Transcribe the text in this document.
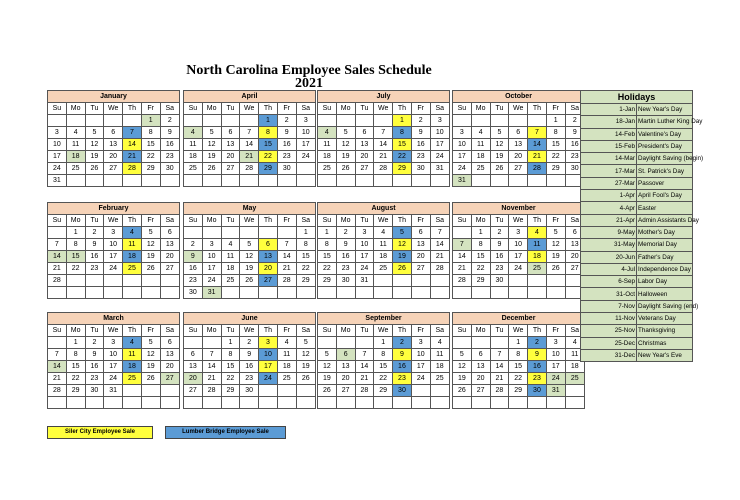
North Carolina Employee Sales Schedule
2021
January						
Su	Mo	Tu	We	Th	Fr	Sa
					1	2
3	4	5	6	7	8	9
10	11	12	13	14	15	16
17	18	19	20	21	22	23
24	25	26	27	28	29	30
31						
April						
Su	Mo	Tu	We	Th	Fr	Sa
				1	2	3
4	5	6	7	8	9	10
11	12	13	14	15	16	17
18	19	20	21	22	23	24
25	26	27	28	29	30	

July						
Su	Mo	Tu	We	Th	Fr	Sa
				1	2	3
4	5	6	7	8	9	10
11	12	13	14	15	16	17
18	19	20	21	22	23	24
25	26	27	28	29	30	31

October						
Su	Mo	Tu	We	Th	Fr	Sa
					1	2
3	4	5	6	7	8	9
10	11	12	13	14	15	16
17	18	19	20	21	22	23
24	25	26	27	28	29	30
31						
February						
Su	Mo	Tu	We	Th	Fr	Sa
	1	2	3	4	5	6
7	8	9	10	11	12	13
14	15	16	17	18	19	20
21	22	23	24	25	26	27
28						

May						
Su	Mo	Tu	We	Th	Fr	Sa
						1
2	3	4	5	6	7	8
9	10	11	12	13	14	15
16	17	18	19	20	21	22
23	24	25	26	27	28	29
30	31					
August						
Su	Mo	Tu	We	Th	Fr	Sa
1	2	3	4	5	6	7
8	9	10	11	12	13	14
15	16	17	18	19	20	21
22	23	24	25	26	27	28
29	30	31				

November						
Su	Mo	Tu	We	Th	Fr	Sa
	1	2	3	4	5	6
7	8	9	10	11	12	13
14	15	16	17	18	19	20
21	22	23	24	25	26	27
28	29	30				

March						
Su	Mo	Tu	We	Th	Fr	Sa
	1	2	3	4	5	6
7	8	9	10	11	12	13
14	15	16	17	18	19	20
21	22	23	24	25	26	27
28	29	30	31			

June						
Su	Mo	Tu	We	Th	Fr	Sa
		1	2	3	4	5
6	7	8	9	10	11	12
13	14	15	16	17	18	19
20	21	22	23	24	25	26
27	28	29	30			

September						
Su	Mo	Tu	We	Th	Fr	Sa
			1	2	3	4
5	6	7	8	9	10	11
12	13	14	15	16	17	18
19	20	21	22	23	24	25
26	27	28	29	30		

December						
Su	Mo	Tu	We	Th	Fr	Sa
			1	2	3	4
5	6	7	8	9	10	11
12	13	14	15	16	17	18
19	20	21	22	23	24	25
26	27	28	29	30	31	

Holidays	
1-Jan	New Year's Day
18-Jan	Martin Luther King Day
14-Feb	Valentine's Day
15-Feb	President's Day
14-Mar	Daylight Saving (begin)
17-Mar	St. Patrick's Day
27-Mar	Passover
1-Apr	April Fool's Day
4-Apr	Easter
21-Apr	Admin Assistants Day
9-May	Mother's Day
31-May	Memorial Day
20-Jun	Father's Day
4-Jul	Independence Day
6-Sep	Labor Day
31-Oct	Halloween
7-Nov	Daylight Saving (end)
11-Nov	Veterans Day
25-Nov	Thanksgiving
25-Dec	Christmas
31-Dec	New Year's Eve
Siler City Employee Sale	Lumber Bridge Employee Sale
